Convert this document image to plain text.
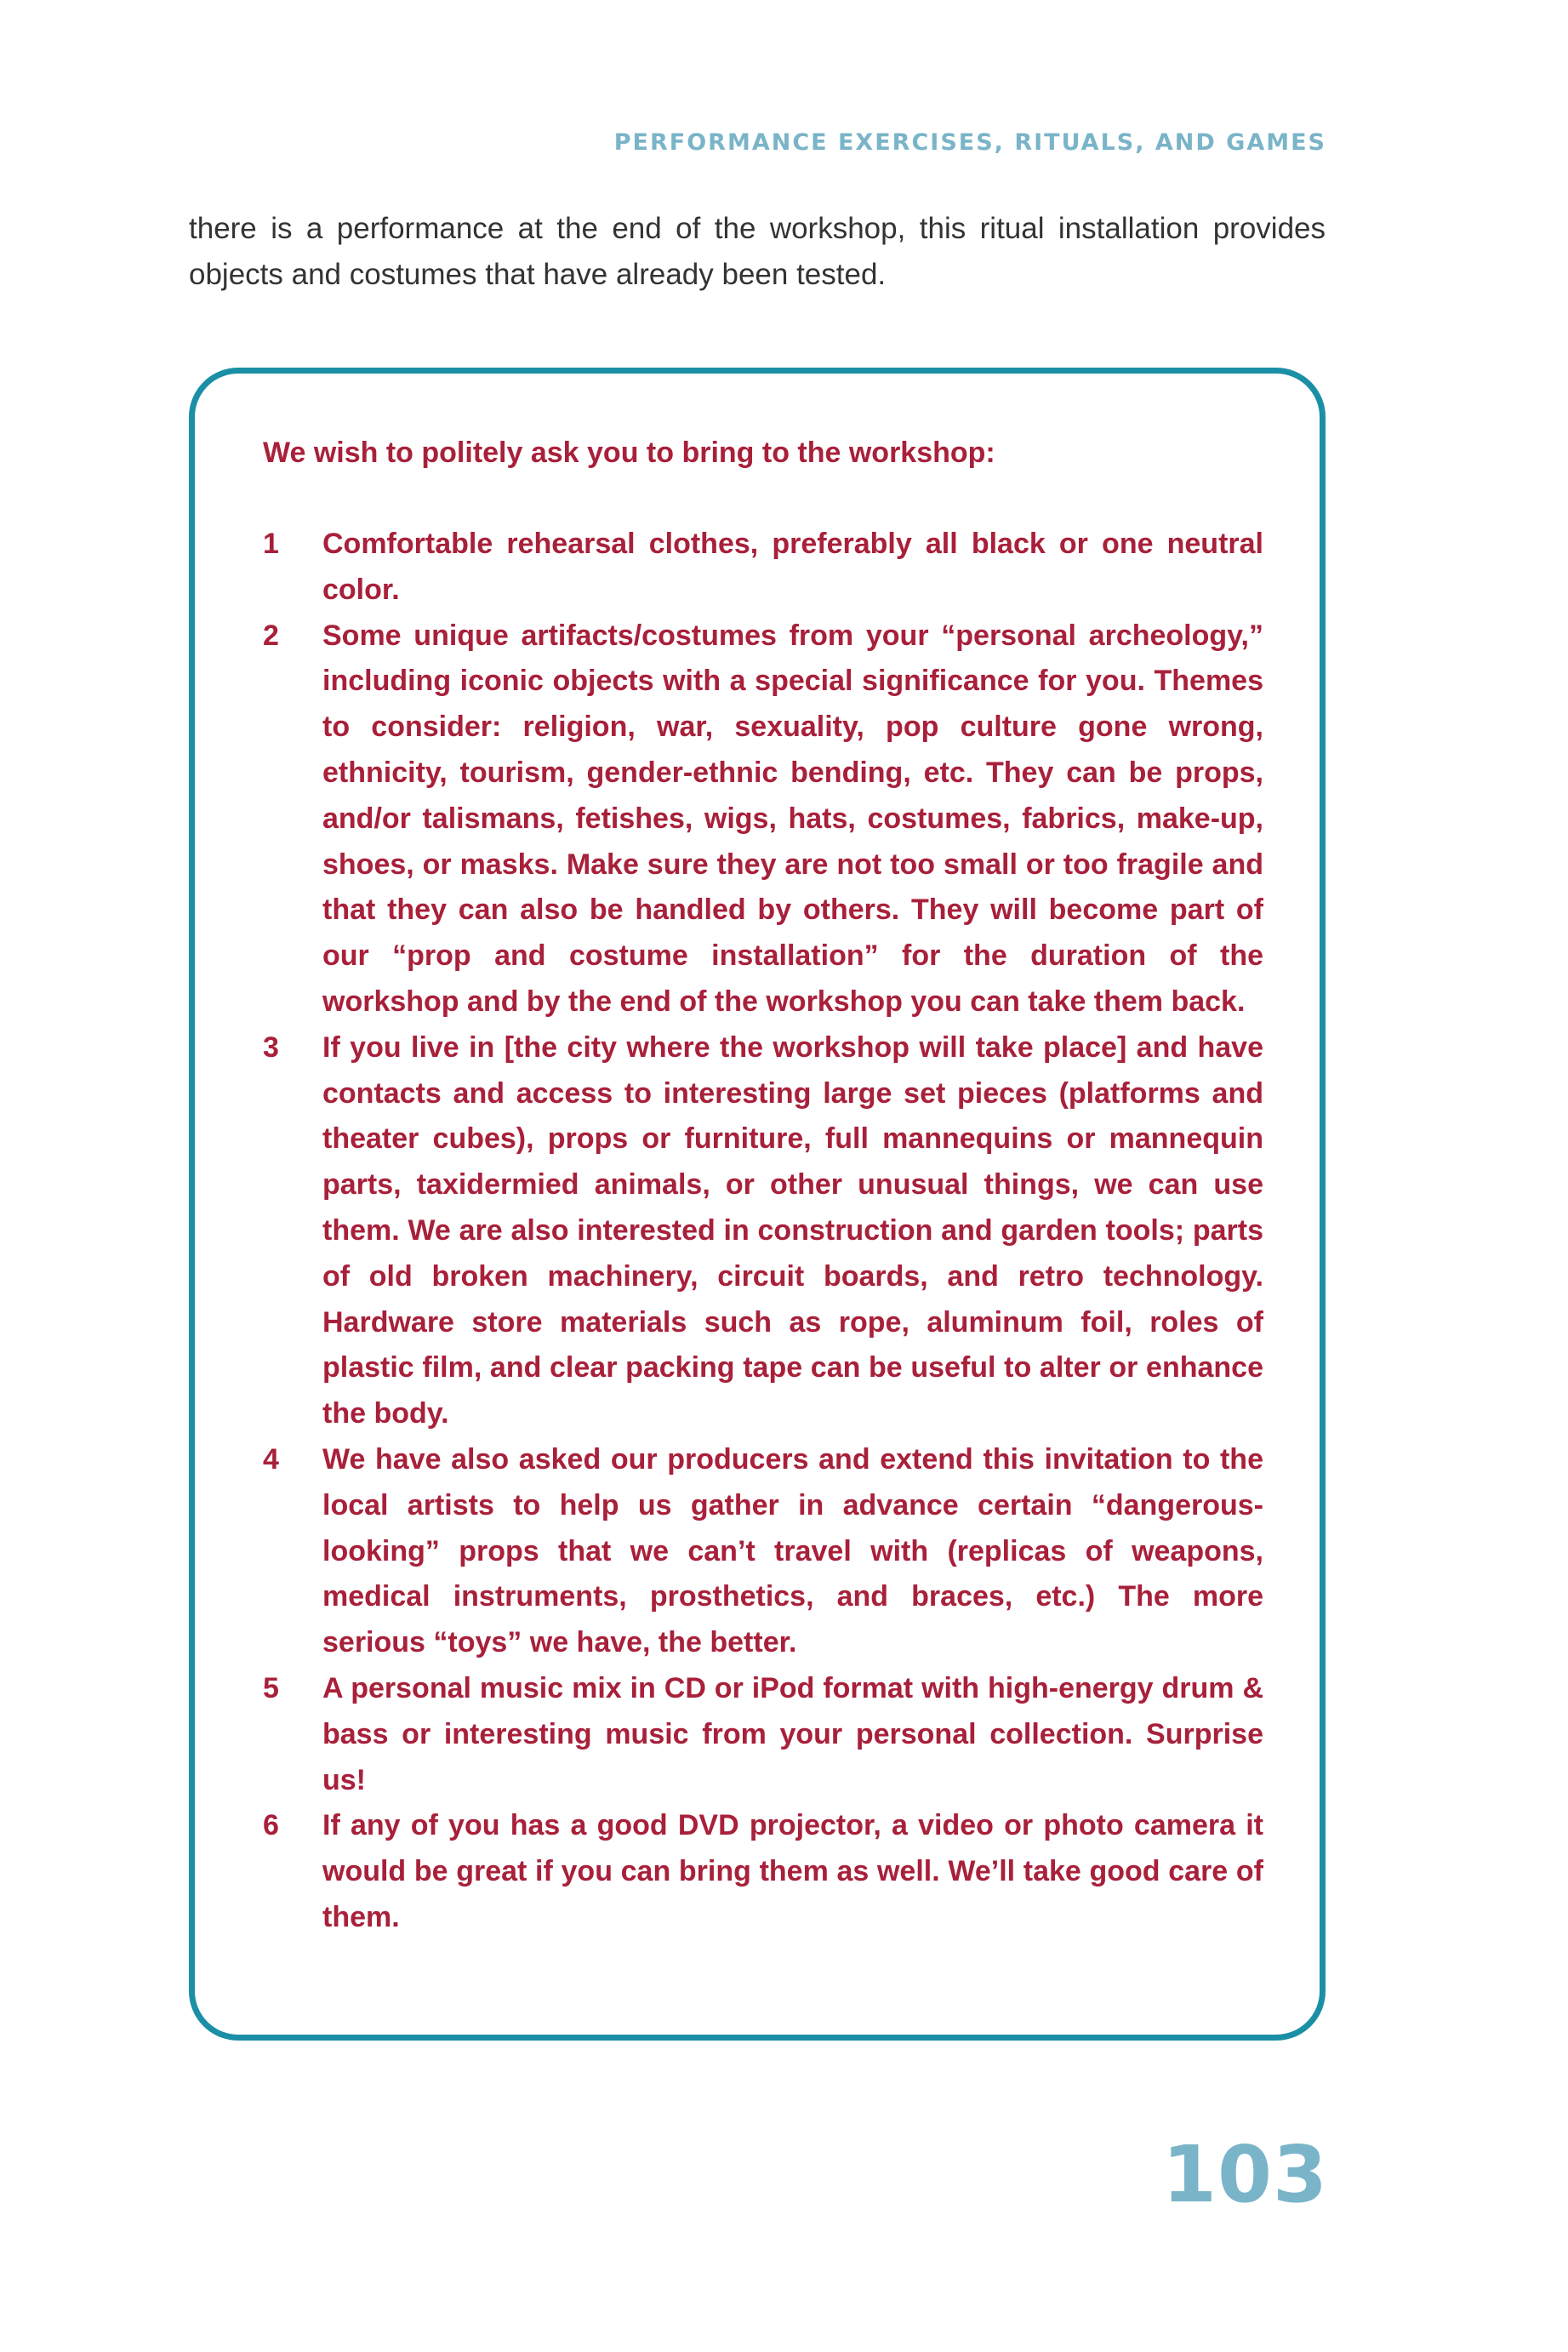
PERFORMANCE EXERCISES, RITUALS, AND GAMES

there is a performance at the end of the workshop, this ritual installation provides objects and costumes that have already been tested.

We wish to politely ask you to bring to the workshop:

1	Comfortable rehearsal clothes, preferably all black or one neutral color.
2	Some unique artifacts/costumes from your “personal archeology,” including iconic objects with a special significance for you. Themes to consider: religion, war, sexuality, pop culture gone wrong, ethnicity, tourism, gender-ethnic bending, etc. They can be props, and/or talismans, fetishes, wigs, hats, costumes, fabrics, make-up, shoes, or masks. Make sure they are not too small or too fragile and that they can also be handled by others. They will become part of our “prop and costume installation” for the duration of the workshop and by the end of the workshop you can take them back.
3	If you live in [the city where the workshop will take place] and have contacts and access to interesting large set pieces (platforms and theater cubes), props or furniture, full mannequins or mannequin parts, taxidermied animals, or other unusual things, we can use them. We are also interested in construction and garden tools; parts of old broken machinery, circuit boards, and retro technology. Hardware store materials such as rope, aluminum foil, roles of plastic film, and clear packing tape can be useful to alter or enhance the body.
4	We have also asked our producers and extend this invitation to the local artists to help us gather in advance certain “dangerous-looking” props that we can’t travel with (replicas of weapons, medical instruments, prosthetics, and braces, etc.) The more serious “toys” we have, the better.
5	A personal music mix in CD or iPod format with high-energy drum & bass or interesting music from your personal collection. Surprise us!
6	If any of you has a good DVD projector, a video or photo camera it would be great if you can bring them as well. We’ll take good care of them.
103
